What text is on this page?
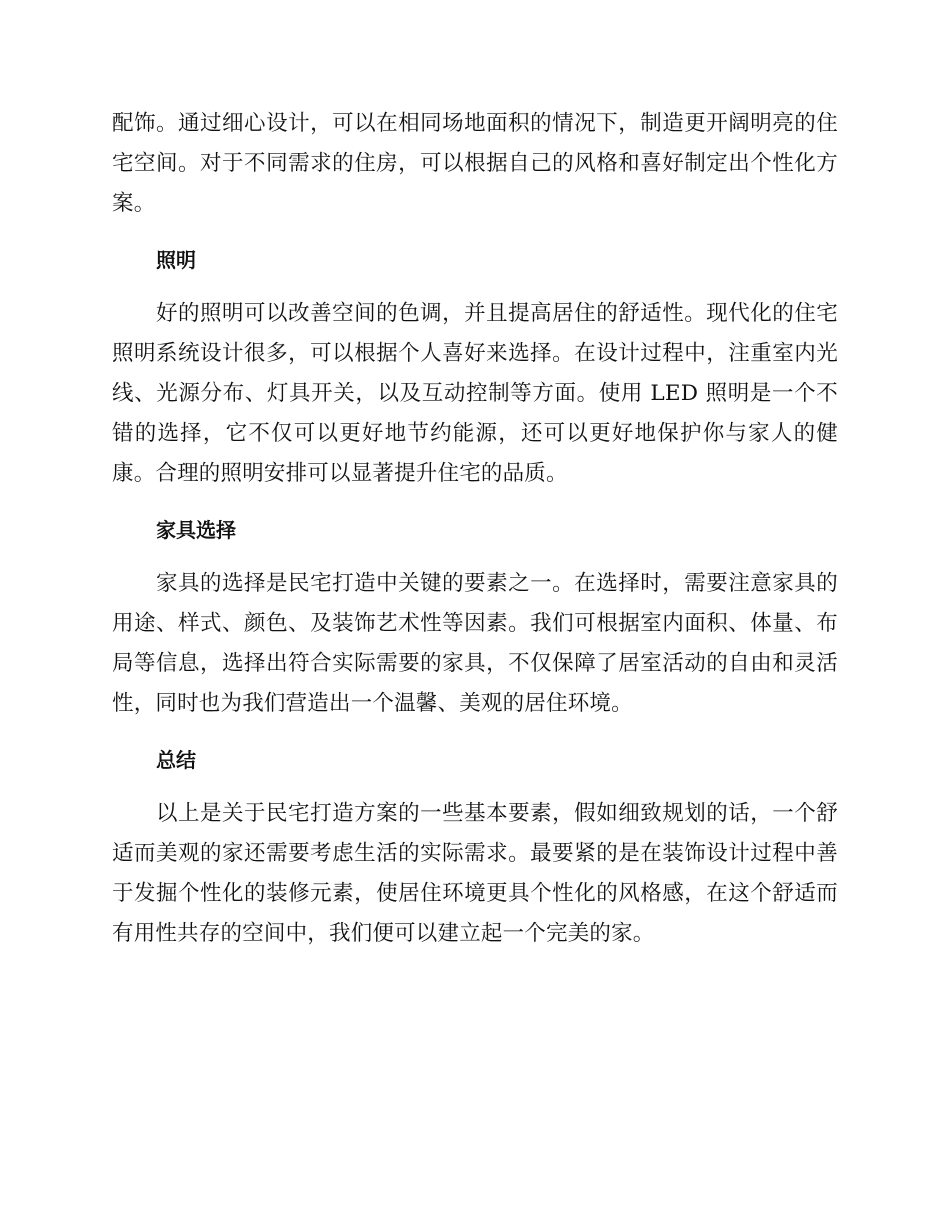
配饰。通过细心设计，可以在相同场地面积的情况下，制造更开阔明亮的住宅空间。对于不同需求的住房，可以根据自己的风格和喜好制定出个性化方案。

照明

好的照明可以改善空间的色调，并且提高居住的舒适性。现代化的住宅照明系统设计很多，可以根据个人喜好来选择。在设计过程中，注重室内光线、光源分布、灯具开关，以及互动控制等方面。使用 LED 照明是一个不错的选择，它不仅可以更好地节约能源，还可以更好地保护你与家人的健康。合理的照明安排可以显著提升住宅的品质。

家具选择

家具的选择是民宅打造中关键的要素之一。在选择时，需要注意家具的用途、样式、颜色、及装饰艺术性等因素。我们可根据室内面积、体量、布局等信息，选择出符合实际需要的家具，不仅保障了居室活动的自由和灵活性，同时也为我们营造出一个温馨、美观的居住环境。

总结

以上是关于民宅打造方案的一些基本要素，假如细致规划的话，一个舒适而美观的家还需要考虑生活的实际需求。最要紧的是在装饰设计过程中善于发掘个性化的装修元素，使居住环境更具个性化的风格感，在这个舒适而有用性共存的空间中，我们便可以建立起一个完美的家。
